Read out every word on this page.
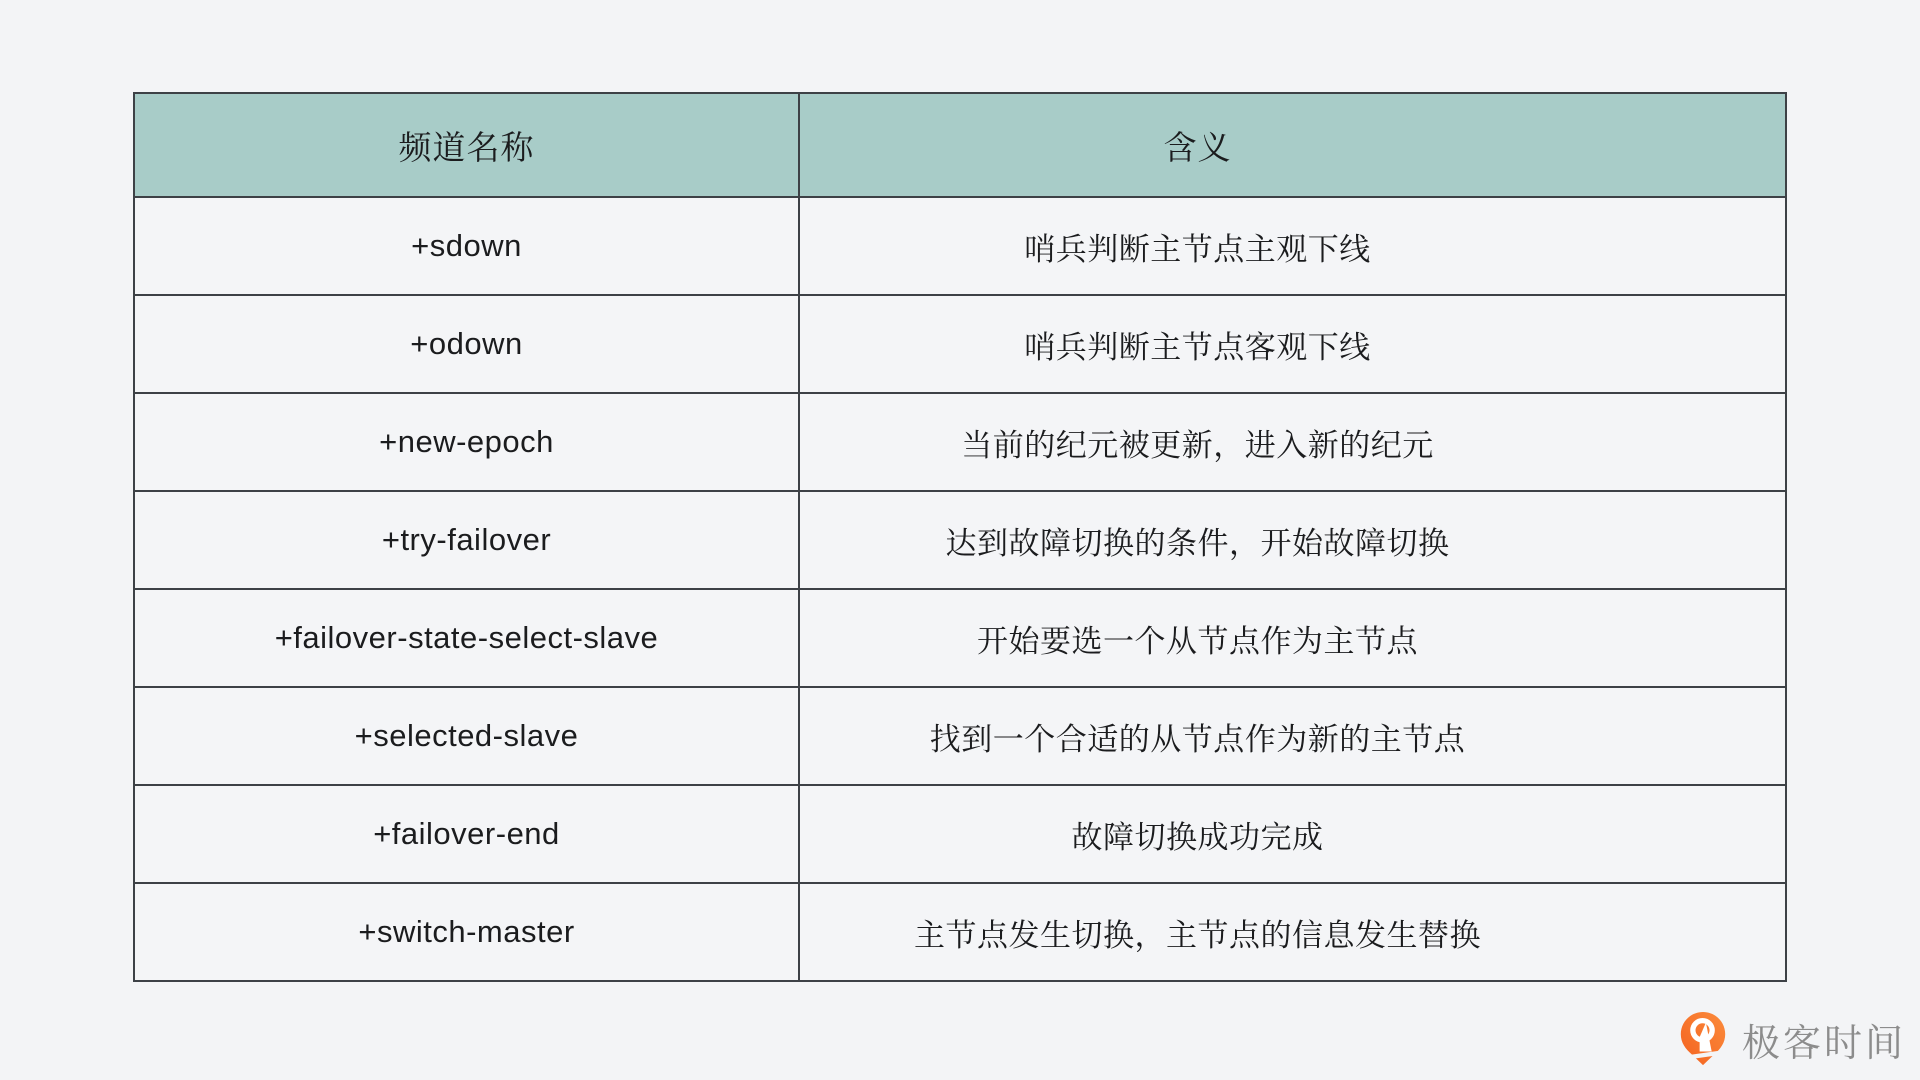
频道名称	含义
+sdown	哨兵判断主节点主观下线
+odown	哨兵判断主节点客观下线
+new-epoch	当前的纪元被更新，进入新的纪元
+try-failover	达到故障切换的条件，开始故障切换
+failover-state-select-slave	开始要选一个从节点作为主节点
+selected-slave	找到一个合适的从节点作为新的主节点
+failover-end	故障切换成功完成
+switch-master	主节点发生切换，主节点的信息发生替换
极客时间
